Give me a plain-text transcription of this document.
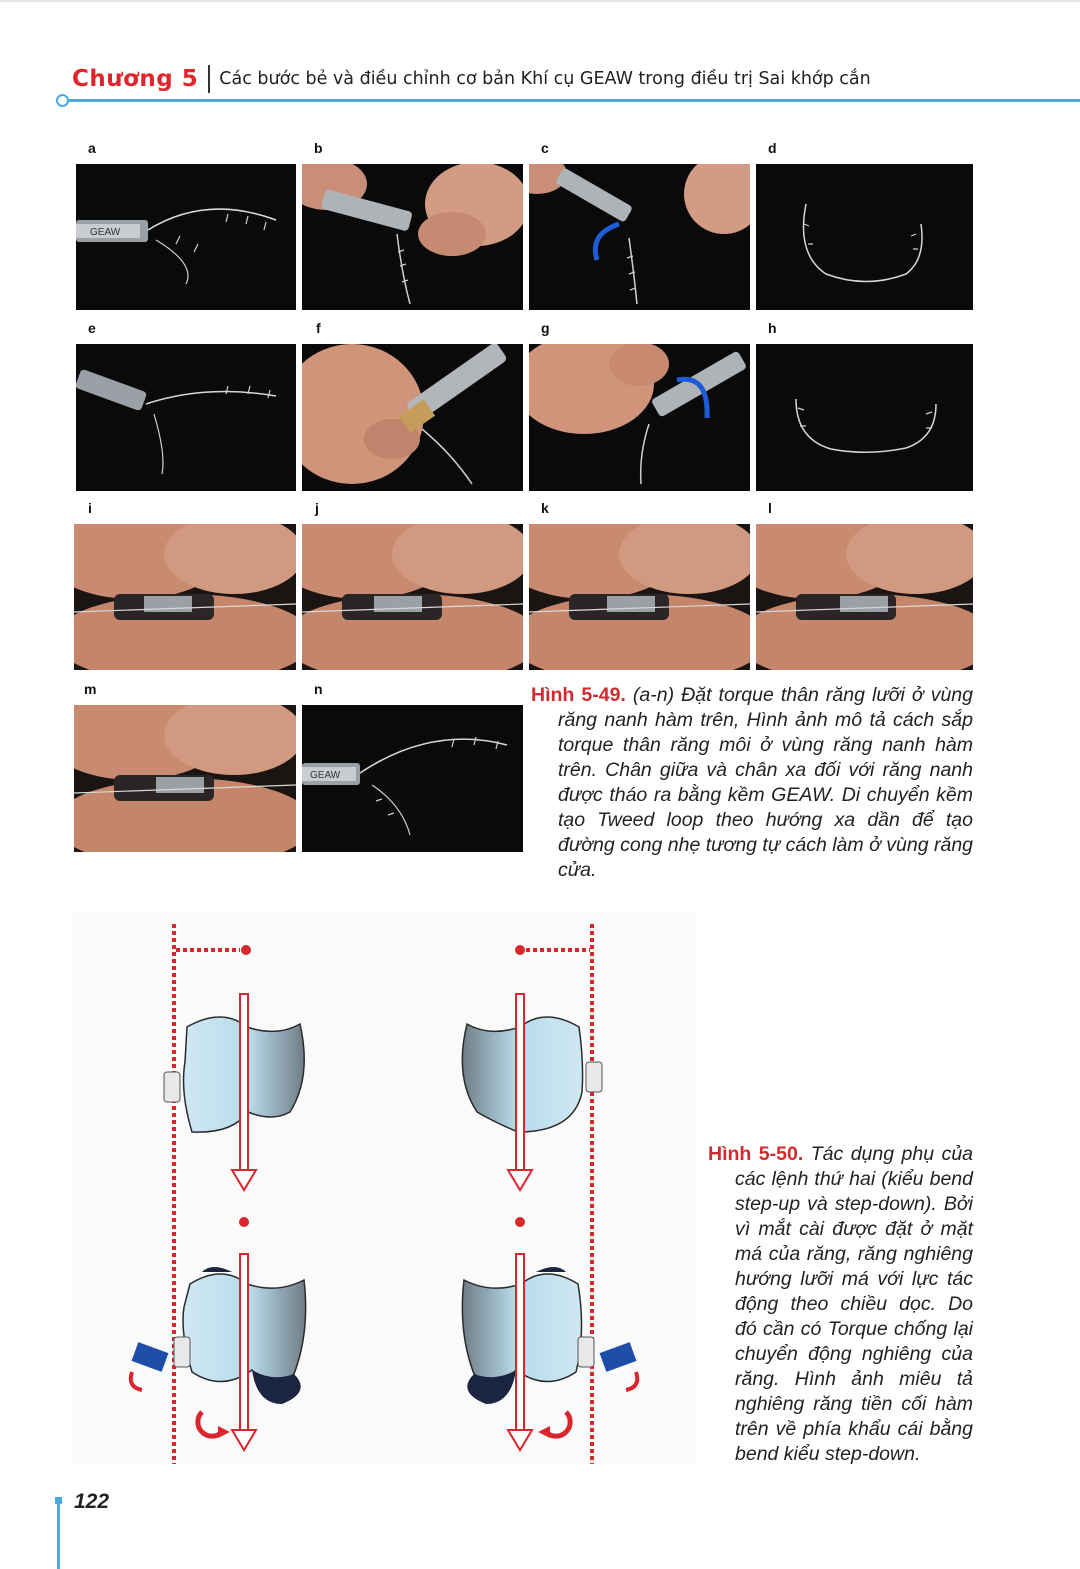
Chương 5 Các bước bẻ và điều chỉnh cơ bản Khí cụ GEAW trong điều trị Sai khớp cắn
a	b	c	d
GEAW
e	f	g	h
i	j	k	l
m	n
GEAW
Hình 5-49. (a-n) Đặt torque thân răng lưỡi ở vùng răng nanh hàm trên, Hình ảnh mô tả cách sắp torque thân răng môi ở vùng răng nanh hàm trên. Chân giữa và chân xa đối với răng nanh được tháo ra bằng kềm GEAW. Di chuyển kềm tạo Tweed loop theo hướng xa dần để tạo đường cong nhẹ tương tự cách làm ở vùng răng cửa.
Hình 5-50. Tác dụng phụ của các lệnh thứ hai (kiểu bend step-up và step-down). Bởi vì mắt cài được đặt ở mặt má của răng, răng nghiêng hướng lưỡi má với lực tác động theo chiều dọc. Do đó cần có Torque chống lại chuyển động nghiêng của răng. Hình ảnh miêu tả nghiêng răng tiền cối hàm trên về phía khẩu cái bằng bend kiểu step-down.
122
